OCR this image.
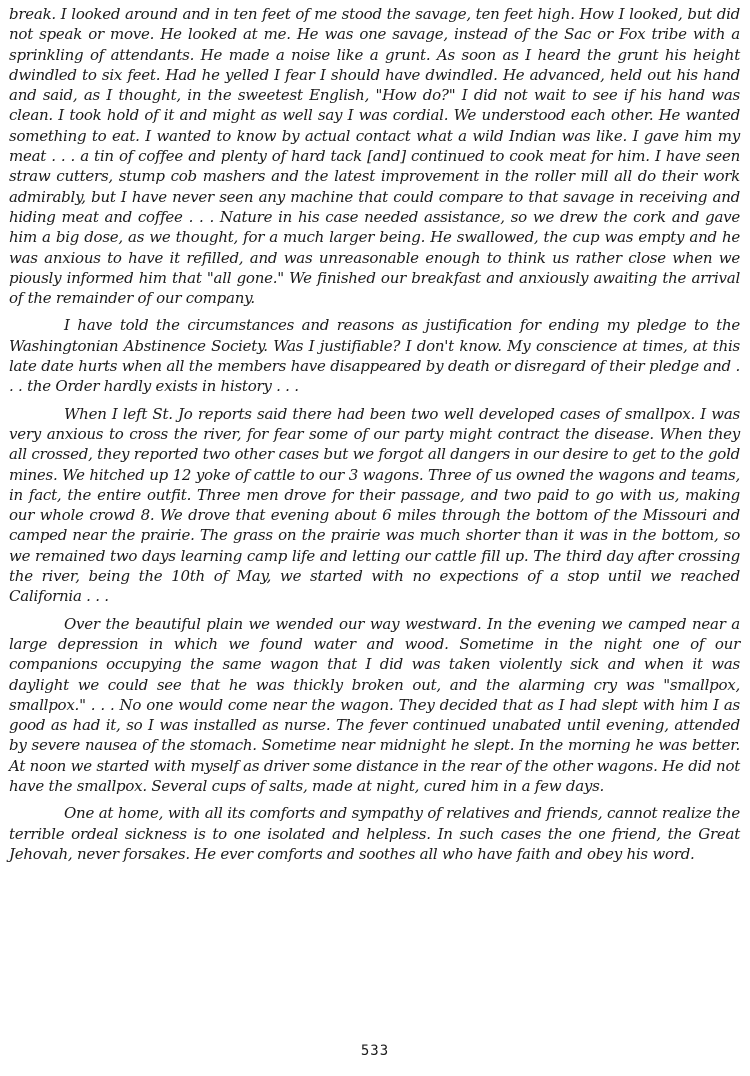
break. I looked around and in ten feet of me stood the savage, ten feet high. How I looked, but did not speak or move. He looked at me. He was one savage, instead of the Sac or Fox tribe with a sprinkling of attendants. He made a noise like a grunt. As soon as I heard the grunt his height dwindled to six feet. Had he yelled I fear I should have dwindled. He advanced, held out his hand and said, as I thought, in the sweetest English, "How do?" I did not wait to see if his hand was clean. I took hold of it and might as well say I was cordial. We understood each other. He wanted something to eat. I wanted to know by actual contact what a wild Indian was like. I gave him my meat . . . a tin of coffee and plenty of hard tack [and] continued to cook meat for him. I have seen straw cutters, stump cob mashers and the latest improvement in the roller mill all do their work admirably, but I have never seen any machine that could compare to that savage in receiving and hiding meat and coffee . . . Nature in his case needed assistance, so we drew the cork and gave him a big dose, as we thought, for a much larger being. He swallowed, the cup was empty and he was anxious to have it refilled, and was unreasonable enough to think us rather close when we piously informed him that "all gone." We finished our breakfast and anxiously awaiting the arrival of the remainder of our company.

I have told the circumstances and reasons as justification for ending my pledge to the Washingtonian Abstinence Society. Was I justifiable? I don't know. My conscience at times, at this late date hurts when all the members have disappeared by death or disregard of their pledge and . . . the Order hardly exists in history . . .

When I left St. Jo reports said there had been two well developed cases of smallpox. I was very anxious to cross the river, for fear some of our party might contract the disease. When they all crossed, they reported two other cases but we forgot all dangers in our desire to get to the gold mines. We hitched up 12 yoke of cattle to our 3 wagons. Three of us owned the wagons and teams, in fact, the entire outfit. Three men drove for their passage, and two paid to go with us, making our whole crowd 8. We drove that evening about 6 miles through the bottom of the Missouri and camped near the prairie. The grass on the prairie was much shorter than it was in the bottom, so we remained two days learning camp life and letting our cattle fill up. The third day after crossing the river, being the 10th of May, we started with no expections of a stop until we reached California . . .

Over the beautiful plain we wended our way westward. In the evening we camped near a large depression in which we found water and wood. Sometime in the night one of our companions occupying the same wagon that I did was taken violently sick and when it was daylight we could see that he was thickly broken out, and the alarming cry was "smallpox, smallpox." . . . No one would come near the wagon. They decided that as I had slept with him I as good as had it, so I was installed as nurse. The fever continued unabated until evening, attended by severe nausea of the stomach. Sometime near midnight he slept. In the morning he was better. At noon we started with myself as driver some distance in the rear of the other wagons. He did not have the smallpox. Several cups of salts, made at night, cured him in a few days.

One at home, with all its comforts and sympathy of relatives and friends, cannot realize the terrible ordeal sickness is to one isolated and helpless. In such cases the one friend, the Great Jehovah, never forsakes. He ever comforts and soothes all who have faith and obey his word.

533
